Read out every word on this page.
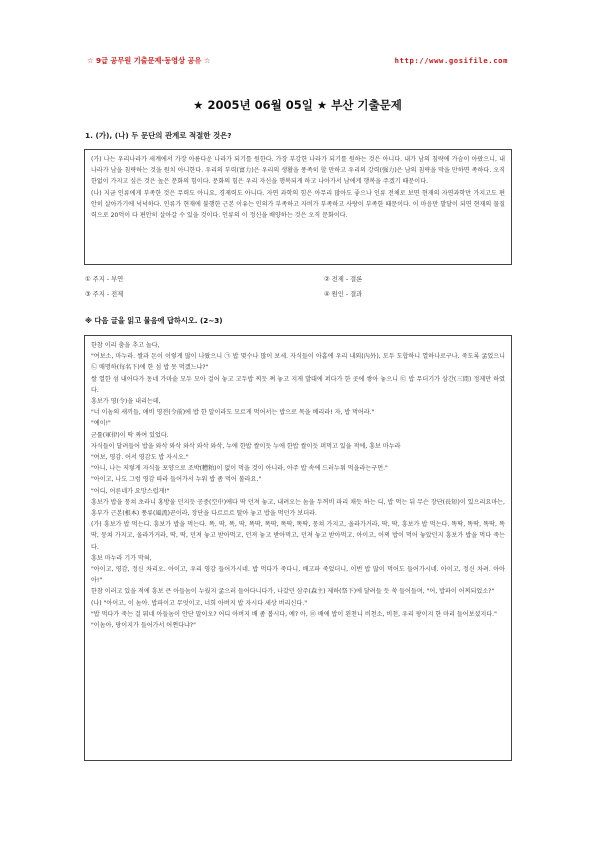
☆ 9급 공무원 기출문제·동영상 공유 ☆	http://www.gosifile.com
★ 2005년 06월 05일 ★ 부산 기출문제
1. (가), (나) 두 문단의 관계로 적절한 것은?

(가) 나는 우리나라가 세계에서 가장 아름다운 나라가 되기를 원한다. 가장 부강한 나라가 되기를 원하는 것은 아니다. 내가 남의 침략에 가슴이 아팠으니, 내 나라가 남을 침략하는 것을 원치 아니한다. 우리의 부력(富力)은 우리의 생활을 풍족히 할 만하고 우리의 강력(强力)은 남의 침략을 막을 만하면 족하다. 오직 한없이 가지고 싶은 것은 높은 문화의 힘이다. 문화의 힘은 우리 자신을 행복되게 하고 나아가서 남에게 행복을 주겠기 때문이다.

(나) 지금 인류에게 부족한 것은 무력도 아니요, 경제력도 아니다. 자연 과학의 힘은 아무리 많아도 좋으나 인류 전체로 보면 현재의 자연과학만 가지고도 편안히 살아가기에 넉넉하다. 인류가 현재에 불행한 근본 이유는 인의가 부족하고 자비가 부족하고 사랑이 부족한 때문이다. 이 마음만 발달이 되면 현재의 물질력으로 20억이 다 편안히 살아갈 수 있을 것이다. 인류의 이 정신을 배양하는 것은 오직 문화이다.

① 주지 - 부연	② 전제 - 결론
③ 주지 - 전제	④ 원인 - 결과
※ 다음 글을 읽고 물음에 답하시오. (2~3)

한참 이리 춤을 추고 놀다,

"여보소, 마누라. 쌀과 돈이 이렇게 많이 나왔으니 ㉠ 밥 몇수나 많이 보세. 자식들이 아홉에 우리 내외(內外), 모두 도합하니 열하나로구나. 죽도록 굶었으니 ㉡ 매명하(每名下)에 한 섬 밥 못 먹겠느냐?"

쌀 열한 섬 내어다가 동네 가마솥 모두 모아 걸어 놓고 고두밥 찌듯 쪄 놓고 지게 발대에 퍼다가 한 곳에 쌓아 놓으니 ㉢ 밥 무더기가 삼간(三間) 정제만 하였다.

흥보가 영(令)을 내리는데,

"너 이놈의 새끼들, 애비 영전(令前)에 밥 한 알이라도 모르게 먹어서는 밥으로 목을 베리라! 자, 밥 먹어라."

"예이!"

군률(軍律)이 딱 짜여 있었다.

자식들이 달려들어 밥을 와삭 와삭 와삭 와삭 와삭, 누에 한밥 쌀이듯 누에 한밥 쌀이듯 퍼먹고 있을 적에, 흥보 마누라

"여보, 영감. 어서 영감도 밥 자시오."

"아니, 나는 저렇게 자식들 포양으로 조박(糟粕)이 없이 먹을 것이 아니라, 아주 밥 속에 드러누워 먹을라는구먼."

"아이고, 나도 그럼 영감 따라 들어가서 누워 밥 좀 먹어 볼라요."

"어디, 어른네가 요망스럽게!"

흥보가 밥을 뭉쳐 초라니 홍방울 던지듯 공중(空中)에다 딱 던져 놓고, 내려오는 놈을 두꺼비 파리 채듯 하는 디, 밥 먹는 뒤 무슨 장단(長短)이 있으리요마는, 흥부가 근본(根本) 풍류(風流)꾼이라, 장단을 다르르르 딸아 놓고 밥을 먹던가 보더라.

(가) 흥보가 밥 먹는디. 흥보가 밥을 먹는다. 똑, 딱, 똑, 딱, 똑딱, 똑딱, 똑딱, 똑딱, 뭉쳐 가지고, 올라가거라, 딱, 딱, 흥보가 밥 먹는다. 똑딱, 똑딱, 똑딱, 똑딱, 뭉쳐 가지고, 올라가거라, 딱, 딱, 던져 놓고 받아먹고, 던져 놓고 받아먹고, 던져 놓고 받아먹고. 아이고, 어찌 밥이 먹어 놓았던지 흥보가 밥을 먹다 죽는다.

흥보 마누라 기가 막혀,

"아이고, 영감, 정신 차리오. 아이고, 우리 영감 들어가시네. 밥 먹다가 죽다니, 배고파 죽었더니, 이번 밥 많이 먹어도 들어가시네. 아이고, 정신 차려. 아아아!"

한참 이러고 있을 적에 흥보 큰 아들놈이 누웠지 굶으러 들어다니다가, 나갔던 삼주(森主) 제하(祭下)에 달려들 듯 쑥 들어들며, "어, 밥파이 어찌되었소?"

(나) "아이고, 이 놈아. 밥파이고 무엇이고, 너희 아버지 밥 자시다 세상 버리신다."

"밥 먹다가 죽는 걸 뭐네 아들놈이 안단 말이오? 어디 아버지 배 좀 봅시다, 예? 아, ㉣ 배에 밥이 왼천니 비천소, 비천, 우리 팡이지 한 마리 들어보셨지다."

"이놈아, 팡이지가 들어가서 어쩐다냐?"
